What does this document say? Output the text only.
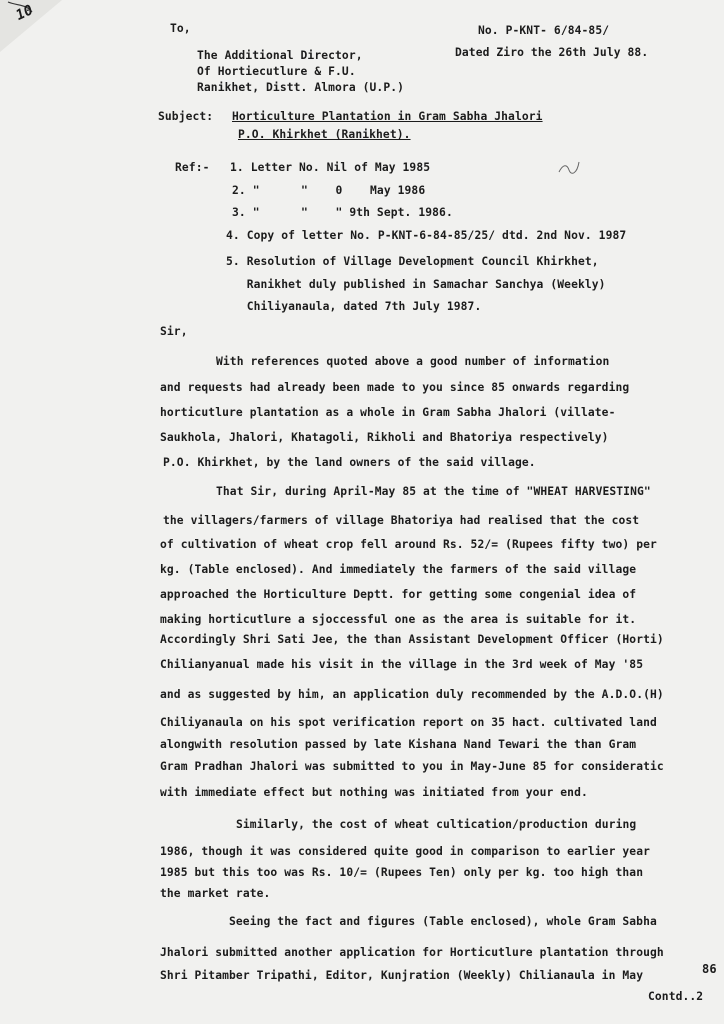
10
To,	No. P-KNT- 6/84-85/
Dated Ziro the 26th July 88.
The Additional Director,
Of Hortiecutlure & F.U.
Ranikhet, Distt. Almora (U.P.)
Subject: Horticulture Plantation in Gram Sabha Jhalori
P.O. Khirkhet (Ranikhet).
Ref:- 1. Letter No. Nil of May 1985
2. "      "    0    May 1986
3. "      "    " 9th Sept. 1986.
4. Copy of letter No. P-KNT-6-84-85/25/ dtd. 2nd Nov. 1987
5. Resolution of Village Development Council Khirkhet,
Ranikhet duly published in Samachar Sanchya (Weekly)
Chiliyanaula, dated 7th July 1987.
Sir,
With references quoted above a good number of information
and requests had already been made to you since 85 onwards regarding
horticutlure plantation as a whole in Gram Sabha Jhalori (villate-
Saukhola, Jhalori, Khatagoli, Rikholi and Bhatoriya respectively)
P.O. Khirkhet, by the land owners of the said village.
That Sir, during April-May 85 at the time of "WHEAT HARVESTING"
the villagers/farmers of village Bhatoriya had realised that the cost
of cultivation of wheat crop fell around Rs. 52/= (Rupees fifty two) per
kg. (Table enclosed). And immediately the farmers of the said village
approached the Horticulture Deptt. for getting some congenial idea of
making horticutlure a sjoccessful one as the area is suitable for it.
Accordingly Shri Sati Jee, the than Assistant Development Officer (Horti)
Chilianyanual made his visit in the village in the 3rd week of May '85
and as suggested by him, an application duly recommended by the A.D.O.(H)
Chiliyanaula on his spot verification report on 35 hact. cultivated land
alongwith resolution passed by late Kishana Nand Tewari the than Gram
Gram Pradhan Jhalori was submitted to you in May-June 85 for consideratic
with immediate effect but nothing was initiated from your end.
Similarly, the cost of wheat cultication/production during
1986, though it was considered quite good in comparison to earlier year
1985 but this too was Rs. 10/= (Rupees Ten) only per kg. too high than
the market rate.
Seeing the fact and figures (Table enclosed), whole Gram Sabha
Jhalori submitted another application for Horticutlure plantation through
Shri Pitamber Tripathi, Editor, Kunjration (Weekly) Chilianaula in May	86
Contd..2
